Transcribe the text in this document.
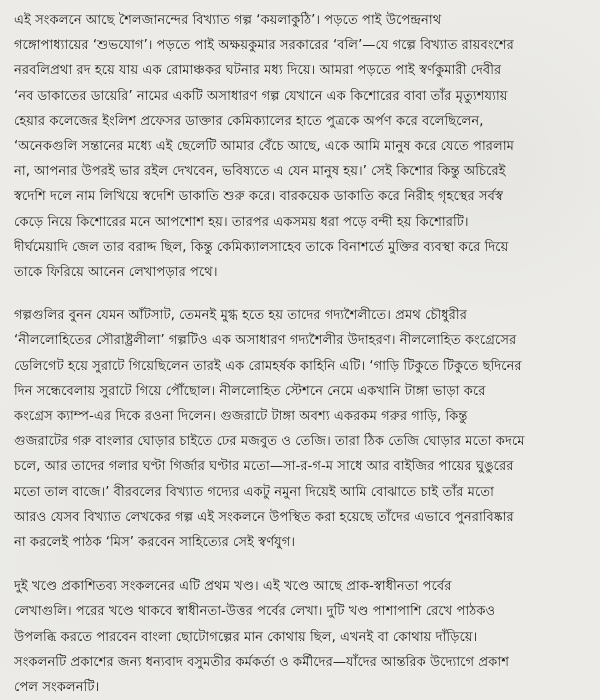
এই সংকলনে আছে শৈলজানন্দের বিখ্যাত গল্প ‘কয়লাকুঠি’। পড়তে পাই উপেন্দ্রনাথ
গঙ্গোপাধ্যায়ের ‘শুভযোগ’। পড়তে পাই অক্ষয়কুমার সরকারের ‘বলি’—যে গল্পে বিখ্যাত রায়বংশের
নরবলিপ্রথা রদ হয়ে যায় এক রোমাঞ্চকর ঘটনার মধ্য দিয়ে। আমরা পড়তে পাই স্বর্ণকুমারী দেবীর
‘নব ডাকাতের ডায়েরি’ নামের একটি অসাধারণ গল্প যেখানে এক কিশোরের বাবা তাঁর মৃত্যুশয্যায়
হেয়ার কলেজের ইংলিশ প্রফেসর ডাক্তার কেমিক্যালের হাতে পুত্রকে অর্পণ করে বলেছিলেন,
‘অনেকগুলি সন্তানের মধ্যে এই ছেলেটি আমার বেঁচে আছে, একে আমি মানুষ করে যেতে পারলাম
না, আপনার উপরই ভার রইল দেখবেন, ভবিষ্যতে এ যেন মানুষ হয়।’ সেই কিশোর কিন্তু অচিরেই
স্বদেশি দলে নাম লিখিয়ে স্বদেশি ডাকাতি শুরু করে। বারকয়েক ডাকাতি করে নিরীহ গৃহস্থের সর্বস্ব
কেড়ে নিয়ে কিশোরের মনে আপশোশ হয়। তারপর একসময় ধরা পড়ে বন্দী হয় কিশোরটি।
দীর্ঘমেয়াদি জেল তার বরাদ্দ ছিল, কিন্তু কেমিক্যালসাহেব তাকে বিনাশর্তে মুক্তির ব্যবস্থা করে দিয়ে
তাকে ফিরিয়ে আনেন লেখাপড়ার পথে।
গল্পগুলির বুনন যেমন আঁটসাট, তেমনই মুগ্ধ হতে হয় তাদের গদ্যশৈলীতে। প্রমথ চৌধুরীর
‘নীললোহিতের সৌরাষ্ট্রলীলা’ গল্পটিও এক অসাধারণ গদ্যশৈলীর উদাহরণ। নীললোহিত কংগ্রেসের
ডেলিগেট হয়ে সুরাটে গিয়েছিলেন তারই এক রোমহর্ষক কাহিনি এটি। ‘গাড়ি টিকুতে টিকুতে ছদিনের
দিন সন্ধেবেলায় সুরাটে গিয়ে পৌঁছোল। নীললোহিত স্টেশনে নেমে একখানি টাঙ্গা ভাড়া করে
কংগ্রেস ক্যাম্প-এর দিকে রওনা দিলেন। গুজরাটে টাঙ্গা অবশ্য একরকম গরুর গাড়ি, কিন্তু
গুজরাটের গরু বাংলার ঘোড়ার চাইতে ঢের মজবুত ও তেজি। তারা ঠিক তেজি ঘোড়ার মতো কদমে
চলে, আর তাদের গলার ঘণ্টা গির্জার ঘণ্টার মতো—সা-র-গ-ম সাধে আর বাইজির পায়ের ঘুঙুরের
মতো তাল বাজে।’ বীরবলের বিখ্যাত গদ্যের একটু নমুনা দিয়েই আমি বোঝাতে চাই তাঁর মতো
আরও যেসব বিখ্যাত লেখকের গল্প এই সংকলনে উপস্থিত করা হয়েছে তাঁদের এভাবে পুনরাবিষ্কার
না করলেই পাঠক ‘মিস’ করবেন সাহিত্যের সেই স্বর্ণযুগ।
দুই খণ্ডে প্রকাশিতব্য সংকলনের এটি প্রথম খণ্ড। এই খণ্ডে আছে প্রাক-স্বাধীনতা পর্বের
লেখাগুলি। পরের খণ্ডে থাকবে স্বাধীনতা-উত্তর পর্বের লেখা। দুটি খণ্ড পাশাপাশি রেখে পাঠকও
উপলব্ধি করতে পারবেন বাংলা ছোটোগল্পের মান কোথায় ছিল, এখনই বা কোথায় দাঁড়িয়ে।
সংকলনটি প্রকাশের জন্য ধন্যবাদ বসুমতীর কর্মকর্তা ও কর্মীদের—যাঁদের আন্তরিক উদ্যোগে প্রকাশ
পেল সংকলনটি।
